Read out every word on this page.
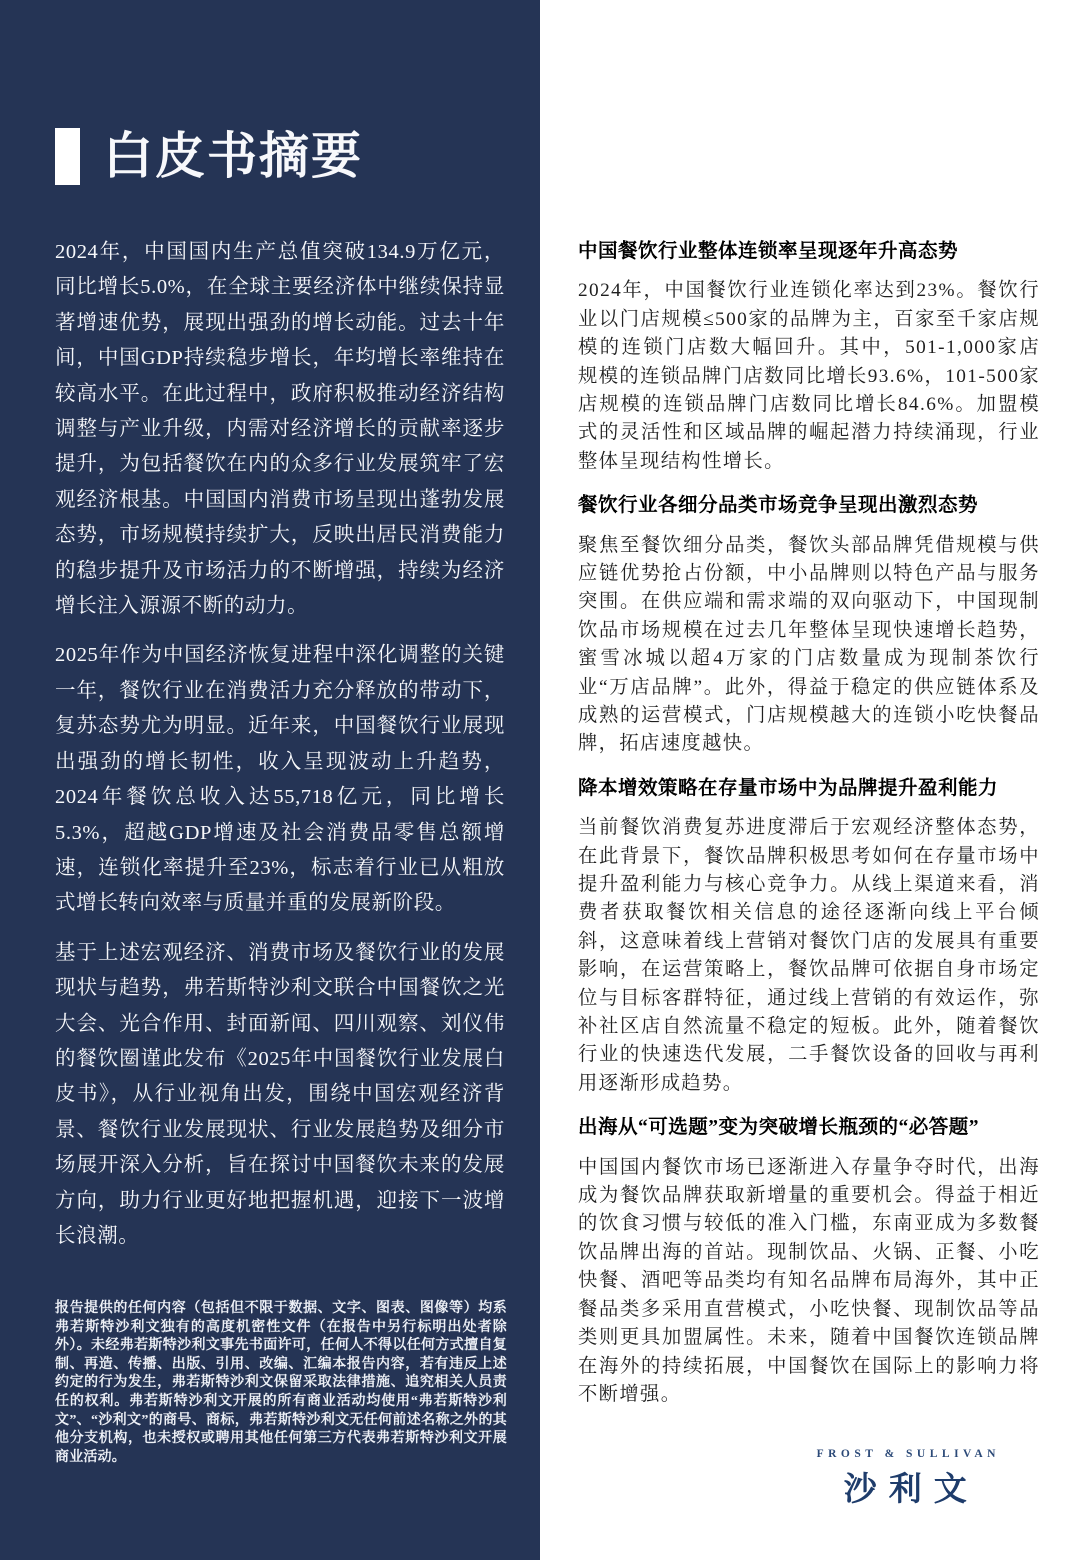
白皮书摘要

2024年，中国国内生产总值突破134.9万亿元，同比增长5.0%，在全球主要经济体中继续保持显著增速优势，展现出强劲的增长动能。过去十年间，中国GDP持续稳步增长，年均增长率维持在较高水平。在此过程中，政府积极推动经济结构调整与产业升级，内需对经济增长的贡献率逐步提升，为包括餐饮在内的众多行业发展筑牢了宏观经济根基。中国国内消费市场呈现出蓬勃发展态势，市场规模持续扩大，反映出居民消费能力的稳步提升及市场活力的不断增强，持续为经济增长注入源源不断的动力。

2025年作为中国经济恢复进程中深化调整的关键一年，餐饮行业在消费活力充分释放的带动下，复苏态势尤为明显。近年来，中国餐饮行业展现出强劲的增长韧性，收入呈现波动上升趋势，2024年餐饮总收入达55,718亿元，同比增长5.3%，超越GDP增速及社会消费品零售总额增速，连锁化率提升至23%，标志着行业已从粗放式增长转向效率与质量并重的发展新阶段。

基于上述宏观经济、消费市场及餐饮行业的发展现状与趋势，弗若斯特沙利文联合中国餐饮之光大会、光合作用、封面新闻、四川观察、刘仪伟的餐饮圈谨此发布《2025年中国餐饮行业发展白皮书》，从行业视角出发，围绕中国宏观经济背景、餐饮行业发展现状、行业发展趋势及细分市场展开深入分析，旨在探讨中国餐饮未来的发展方向，助力行业更好地把握机遇，迎接下一波增长浪潮。

报告提供的任何内容（包括但不限于数据、文字、图表、图像等）均系弗若斯特沙利文独有的高度机密性文件（在报告中另行标明出处者除外）。未经弗若斯特沙利文事先书面许可，任何人不得以任何方式擅自复制、再造、传播、出版、引用、改编、汇编本报告内容，若有违反上述约定的行为发生，弗若斯特沙利文保留采取法律措施、追究相关人员责任的权利。弗若斯特沙利文开展的所有商业活动均使用“弗若斯特沙利文”、“沙利文”的商号、商标，弗若斯特沙利文无任何前述名称之外的其他分支机构，也未授权或聘用其他任何第三方代表弗若斯特沙利文开展商业活动。

中国餐饮行业整体连锁率呈现逐年升高态势

2024年，中国餐饮行业连锁化率达到23%。餐饮行业以门店规模≤500家的品牌为主，百家至千家店规模的连锁门店数大幅回升。其中，501-1,000家店规模的连锁品牌门店数同比增长93.6%，101-500家店规模的连锁品牌门店数同比增长84.6%。加盟模式的灵活性和区域品牌的崛起潜力持续涌现，行业整体呈现结构性增长。

餐饮行业各细分品类市场竞争呈现出激烈态势

聚焦至餐饮细分品类，餐饮头部品牌凭借规模与供应链优势抢占份额，中小品牌则以特色产品与服务突围。在供应端和需求端的双向驱动下，中国现制饮品市场规模在过去几年整体呈现快速增长趋势，蜜雪冰城以超4万家的门店数量成为现制茶饮行业“万店品牌”。此外，得益于稳定的供应链体系及成熟的运营模式，门店规模越大的连锁小吃快餐品牌，拓店速度越快。

降本增效策略在存量市场中为品牌提升盈利能力

当前餐饮消费复苏进度滞后于宏观经济整体态势，在此背景下，餐饮品牌积极思考如何在存量市场中提升盈利能力与核心竞争力。从线上渠道来看，消费者获取餐饮相关信息的途径逐渐向线上平台倾斜，这意味着线上营销对餐饮门店的发展具有重要影响，在运营策略上，餐饮品牌可依据自身市场定位与目标客群特征，通过线上营销的有效运作，弥补社区店自然流量不稳定的短板。此外，随着餐饮行业的快速迭代发展，二手餐饮设备的回收与再利用逐渐形成趋势。

出海从“可选题”变为突破增长瓶颈的“必答题”

中国国内餐饮市场已逐渐进入存量争夺时代，出海成为餐饮品牌获取新增量的重要机会。得益于相近的饮食习惯与较低的准入门槛，东南亚成为多数餐饮品牌出海的首站。现制饮品、火锅、正餐、小吃快餐、酒吧等品类均有知名品牌布局海外，其中正餐品类多采用直营模式，小吃快餐、现制饮品等品类则更具加盟属性。未来，随着中国餐饮连锁品牌在海外的持续拓展，中国餐饮在国际上的影响力将不断增强。

FROST & SULLIVAN
沙利文
